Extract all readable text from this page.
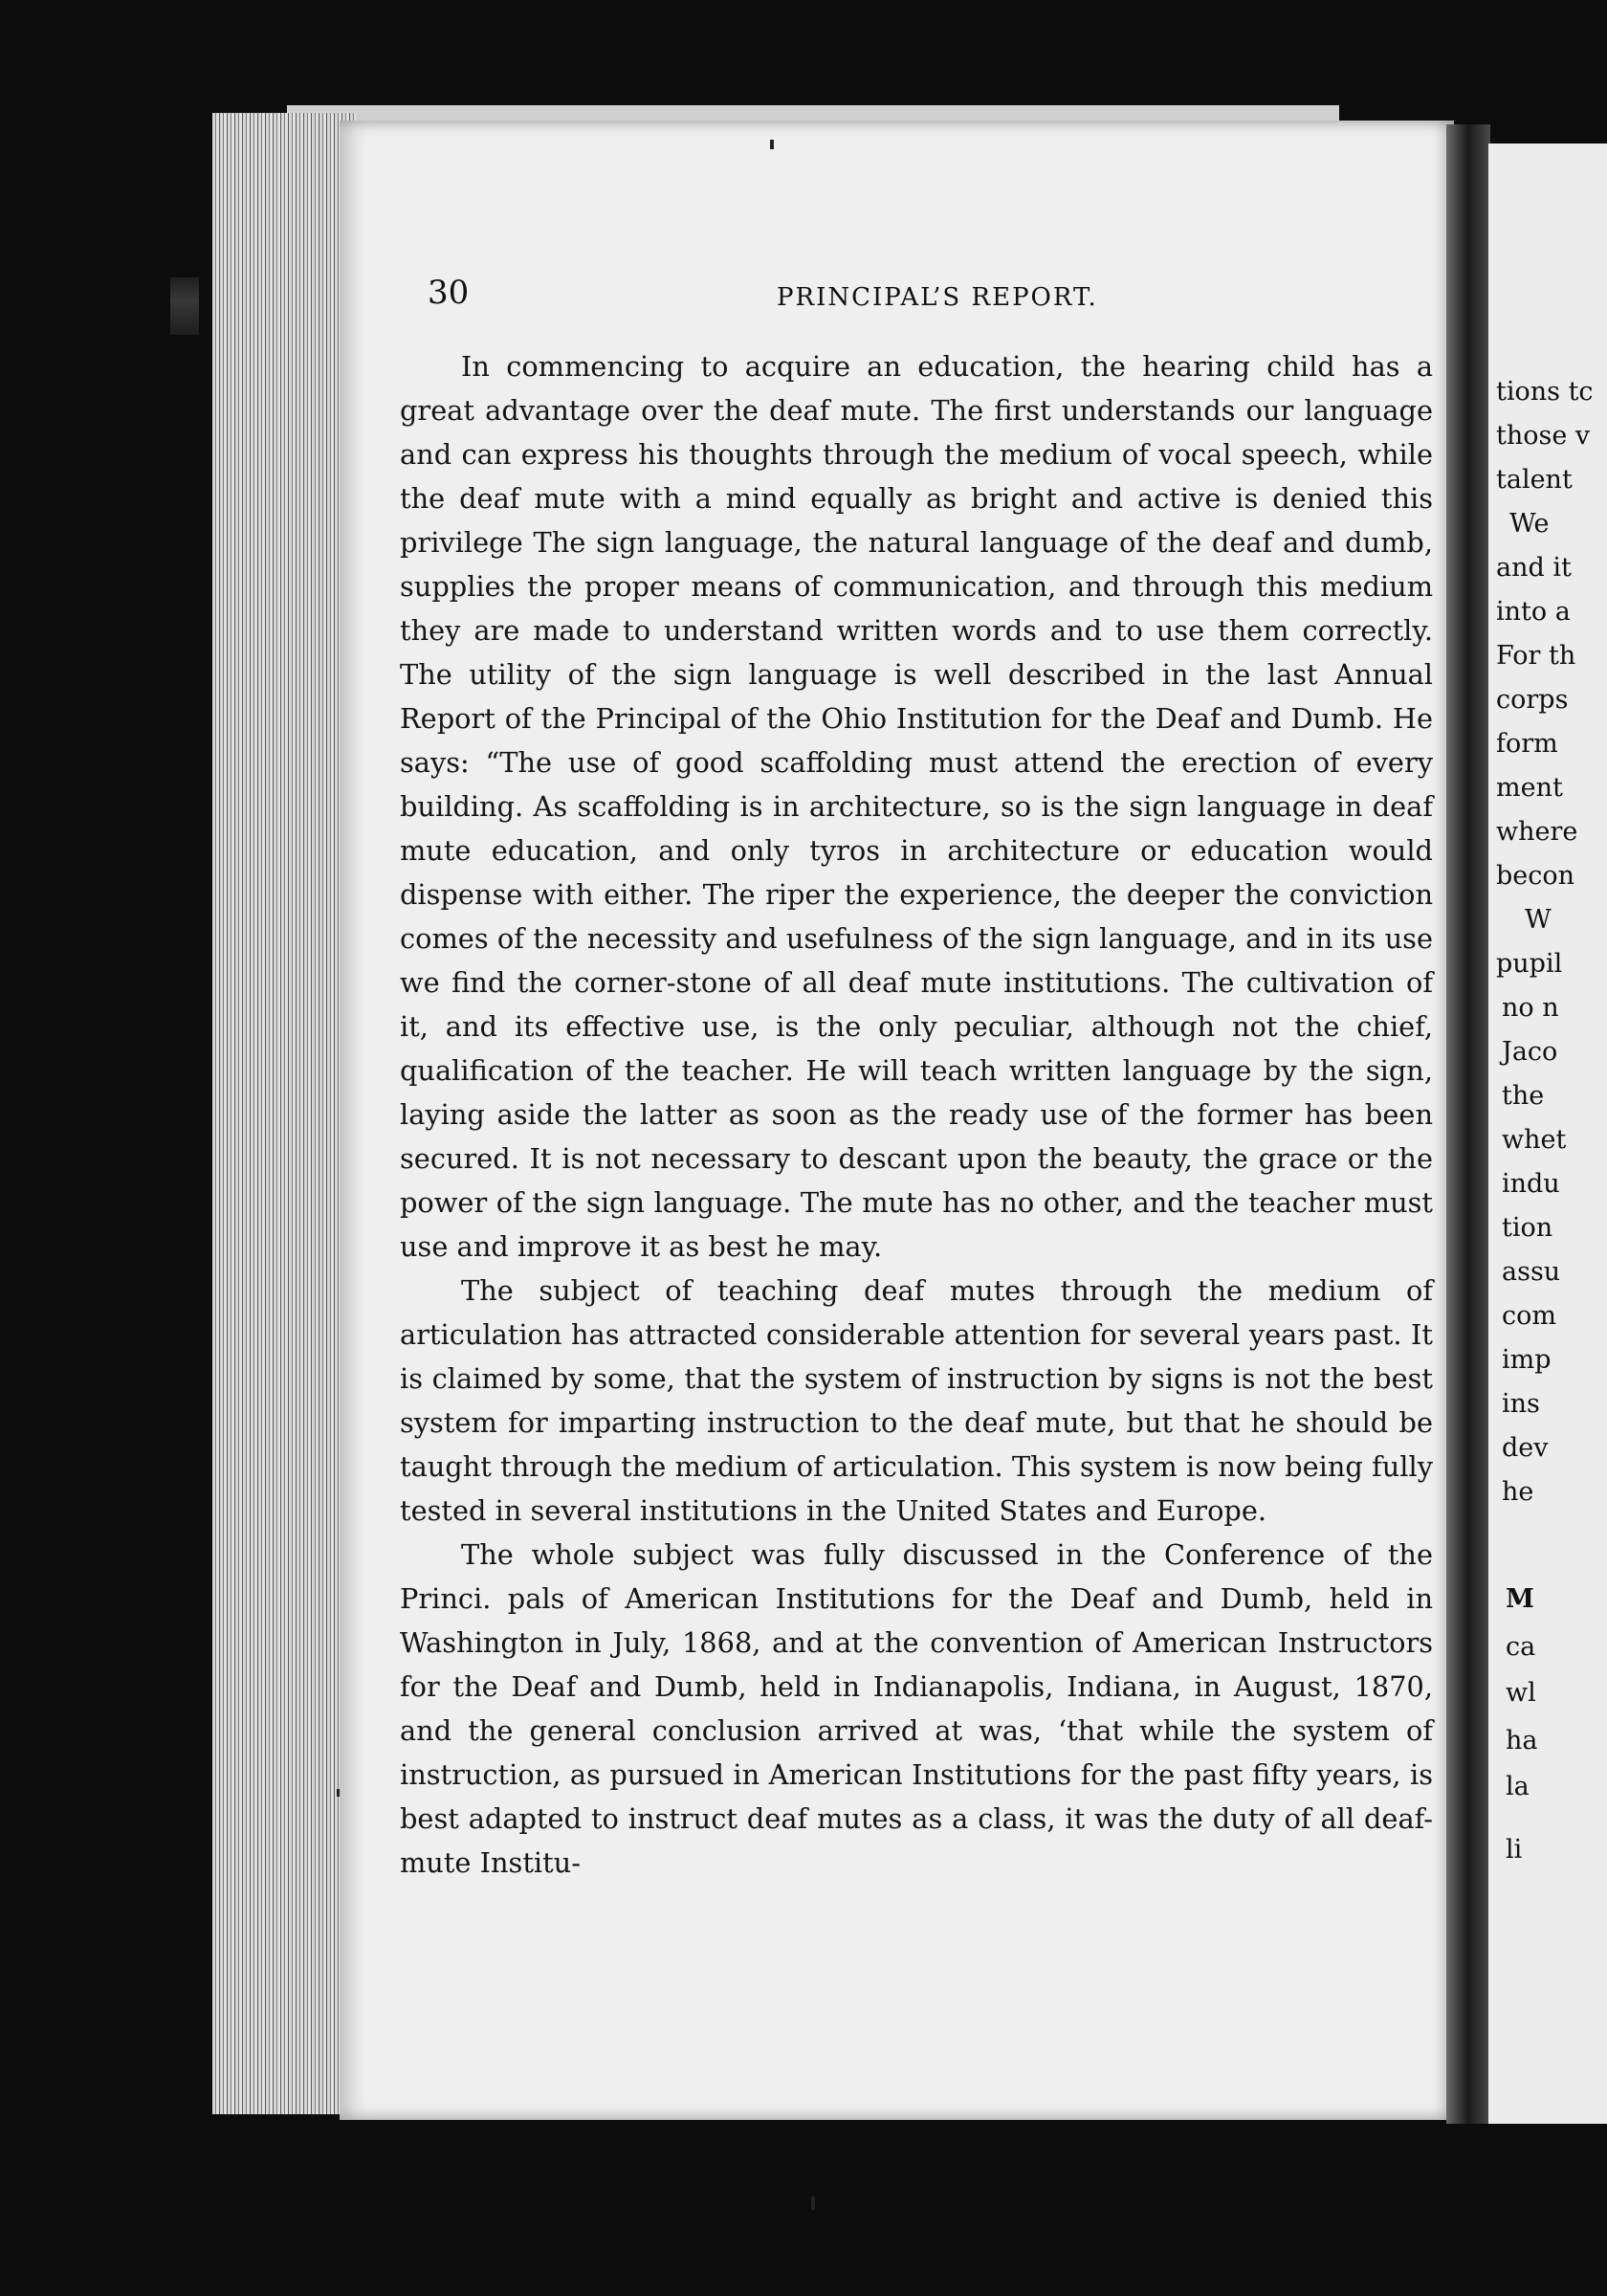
30	PRINCIPAL’S REPORT.

In commencing to acquire an education, the hearing child has a great advantage over the deaf mute. The first understands our language and can express his thoughts through the medium of vocal speech, while the deaf mute with a mind equally as bright and active is denied this privilege The sign language, the natural language of the deaf and dumb, supplies the proper means of communication, and through this medium they are made to understand written words and to use them correctly. The utility of the sign language is well described in the last Annual Report of the Principal of the Ohio Institution for the Deaf and Dumb. He says: “The use of good scaffolding must attend the erection of every building. As scaffolding is in architecture, so is the sign language in deaf mute education, and only tyros in architecture or education would dispense with either. The riper the experience, the deeper the conviction comes of the necessity and usefulness of the sign language, and in its use we find the corner-stone of all deaf mute institutions. The cultivation of it, and its effective use, is the only peculiar, although not the chief, qualification of the teacher. He will teach written language by the sign, laying aside the latter as soon as the ready use of the former has been secured. It is not necessary to descant upon the beauty, the grace or the power of the sign language. The mute has no other, and the teacher must use and improve it as best he may.

The subject of teaching deaf mutes through the medium of articulation has attracted considerable attention for several years past. It is claimed by some, that the system of instruction by signs is not the best system for imparting instruction to the deaf mute, but that he should be taught through the medium of articulation. This system is now being fully tested in several institutions in the United States and Europe.

The whole subject was fully discussed in the Conference of the Princi. pals of American Institutions for the Deaf and Dumb, held in Washington in July, 1868, and at the convention of American Instructors for the Deaf and Dumb, held in Indianapolis, Indiana, in August, 1870, and the general conclusion arrived at was, ‘that while the system of instruction, as pursued in American Institutions for the past fifty years, is best adapted to instruct deaf mutes as a class, it was the duty of all deaf-mute Institu-

tions tc
those v
talent
We
and it
into a
For th
corps
form
ment
where
becon
W
pupil
no n
Jaco
the
whet
indu
tion
assu
com
imp
ins
dev
he
M
ca
wl
ha
la
li
